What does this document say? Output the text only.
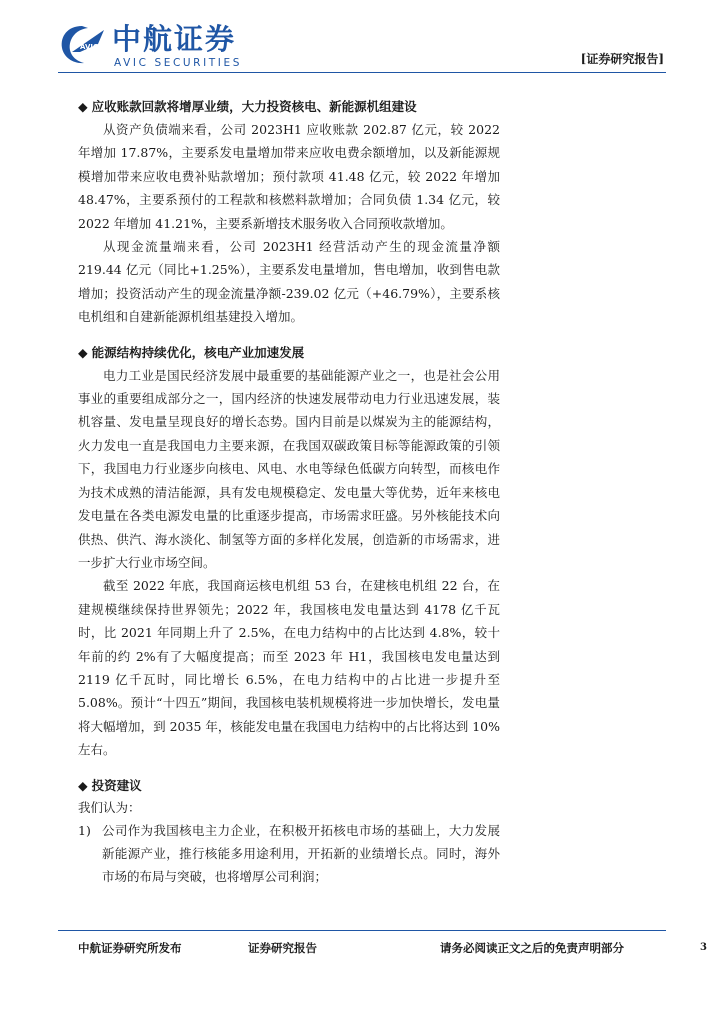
AVIC 中航证券
AVIC SECURITIES	[证券研究报告]

◆ 应收账款回款将增厚业绩，大力投资核电、新能源机组建设

从资产负债端来看，公司 2023H1 应收账款 202.87 亿元，较 2022 年增加 17.87%，主要系发电量增加带来应收电费余额增加，以及新能源规模增加带来应收电费补贴款增加；预付款项 41.48 亿元，较 2022 年增加 48.47%，主要系预付的工程款和核燃料款增加；合同负债 1.34 亿元，较 2022 年增加 41.21%，主要系新增技术服务收入合同预收款增加。

从现金流量端来看，公司 2023H1 经营活动产生的现金流量净额 219.44 亿元（同比+1.25%），主要系发电量增加，售电增加，收到售电款增加；投资活动产生的现金流量净额-239.02 亿元（+46.79%），主要系核电机组和自建新能源机组基建投入增加。

◆ 能源结构持续优化，核电产业加速发展

电力工业是国民经济发展中最重要的基础能源产业之一，也是社会公用事业的重要组成部分之一，国内经济的快速发展带动电力行业迅速发展，装机容量、发电量呈现良好的增长态势。国内目前是以煤炭为主的能源结构，火力发电一直是我国电力主要来源，在我国双碳政策目标等能源政策的引领下，我国电力行业逐步向核电、风电、水电等绿色低碳方向转型，而核电作为技术成熟的清洁能源，具有发电规模稳定、发电量大等优势，近年来核电发电量在各类电源发电量的比重逐步提高，市场需求旺盛。另外核能技术向供热、供汽、海水淡化、制氢等方面的多样化发展，创造新的市场需求，进一步扩大行业市场空间。

截至 2022 年底，我国商运核电机组 53 台，在建核电机组 22 台，在建规模继续保持世界领先；2022 年，我国核电发电量达到 4178 亿千瓦时，比 2021 年同期上升了 2.5%，在电力结构中的占比达到 4.8%，较十年前的约 2%有了大幅度提高；而至 2023 年 H1，我国核电发电量达到 2119 亿千瓦时，同比增长 6.5%，在电力结构中的占比进一步提升至 5.08%。预计“十四五”期间，我国核电装机规模将进一步加快增长，发电量将大幅增加，到 2035 年，核能发电量在我国电力结构中的占比将达到 10%左右。

◆ 投资建议

我们认为：

1) 公司作为我国核电主力企业，在积极开拓核电市场的基础上，大力发展新能源产业，推行核能多用途利用，开拓新的业绩增长点。同时，海外市场的布局与突破，也将增厚公司利润；
中航证券研究所发布	证券研究报告	请务必阅读正文之后的免责声明部分	3
